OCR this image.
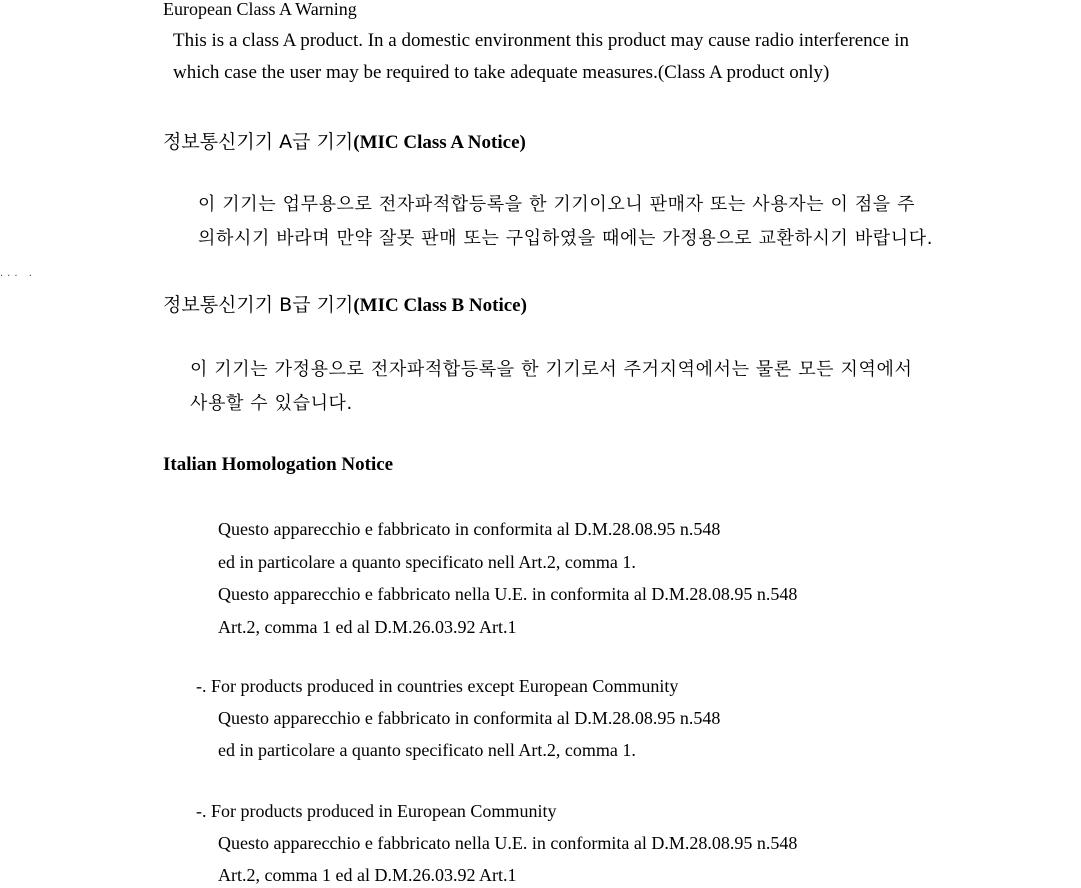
European Class A Warning
This is a class A product. In a domestic environment this product may cause radio interference in
which case the user may be required to take adequate measures.(Class A product only)
정보통신기기 A급 기기(MIC Class A Notice)
이 기기는 업무용으로 전자파적합등록을 한 기기이오니 판매자 또는 사용자는 이 점을 주
의하시기 바라며 만약 잘못 판매 또는 구입하였을 때에는 가정용으로 교환하시기 바랍니다.
... .
정보통신기기 B급 기기(MIC Class B Notice)
이 기기는 가정용으로 전자파적합등록을 한 기기로서 주거지역에서는 물론 모든 지역에서
사용할 수 있습니다.
Italian Homologation Notice
Questo apparecchio e fabbricato in conformita al D.M.28.08.95 n.548
ed in particolare a quanto specificato nell Art.2, comma 1.
Questo apparecchio e fabbricato nella U.E. in conformita al D.M.28.08.95 n.548
Art.2, comma 1 ed al D.M.26.03.92 Art.1
-. For products produced in countries except European Community
Questo apparecchio e fabbricato in conformita al D.M.28.08.95 n.548
ed in particolare a quanto specificato nell Art.2, comma 1.
-. For products produced in European Community
Questo apparecchio e fabbricato nella U.E. in conformita al D.M.28.08.95 n.548
Art.2, comma 1 ed al D.M.26.03.92 Art.1
